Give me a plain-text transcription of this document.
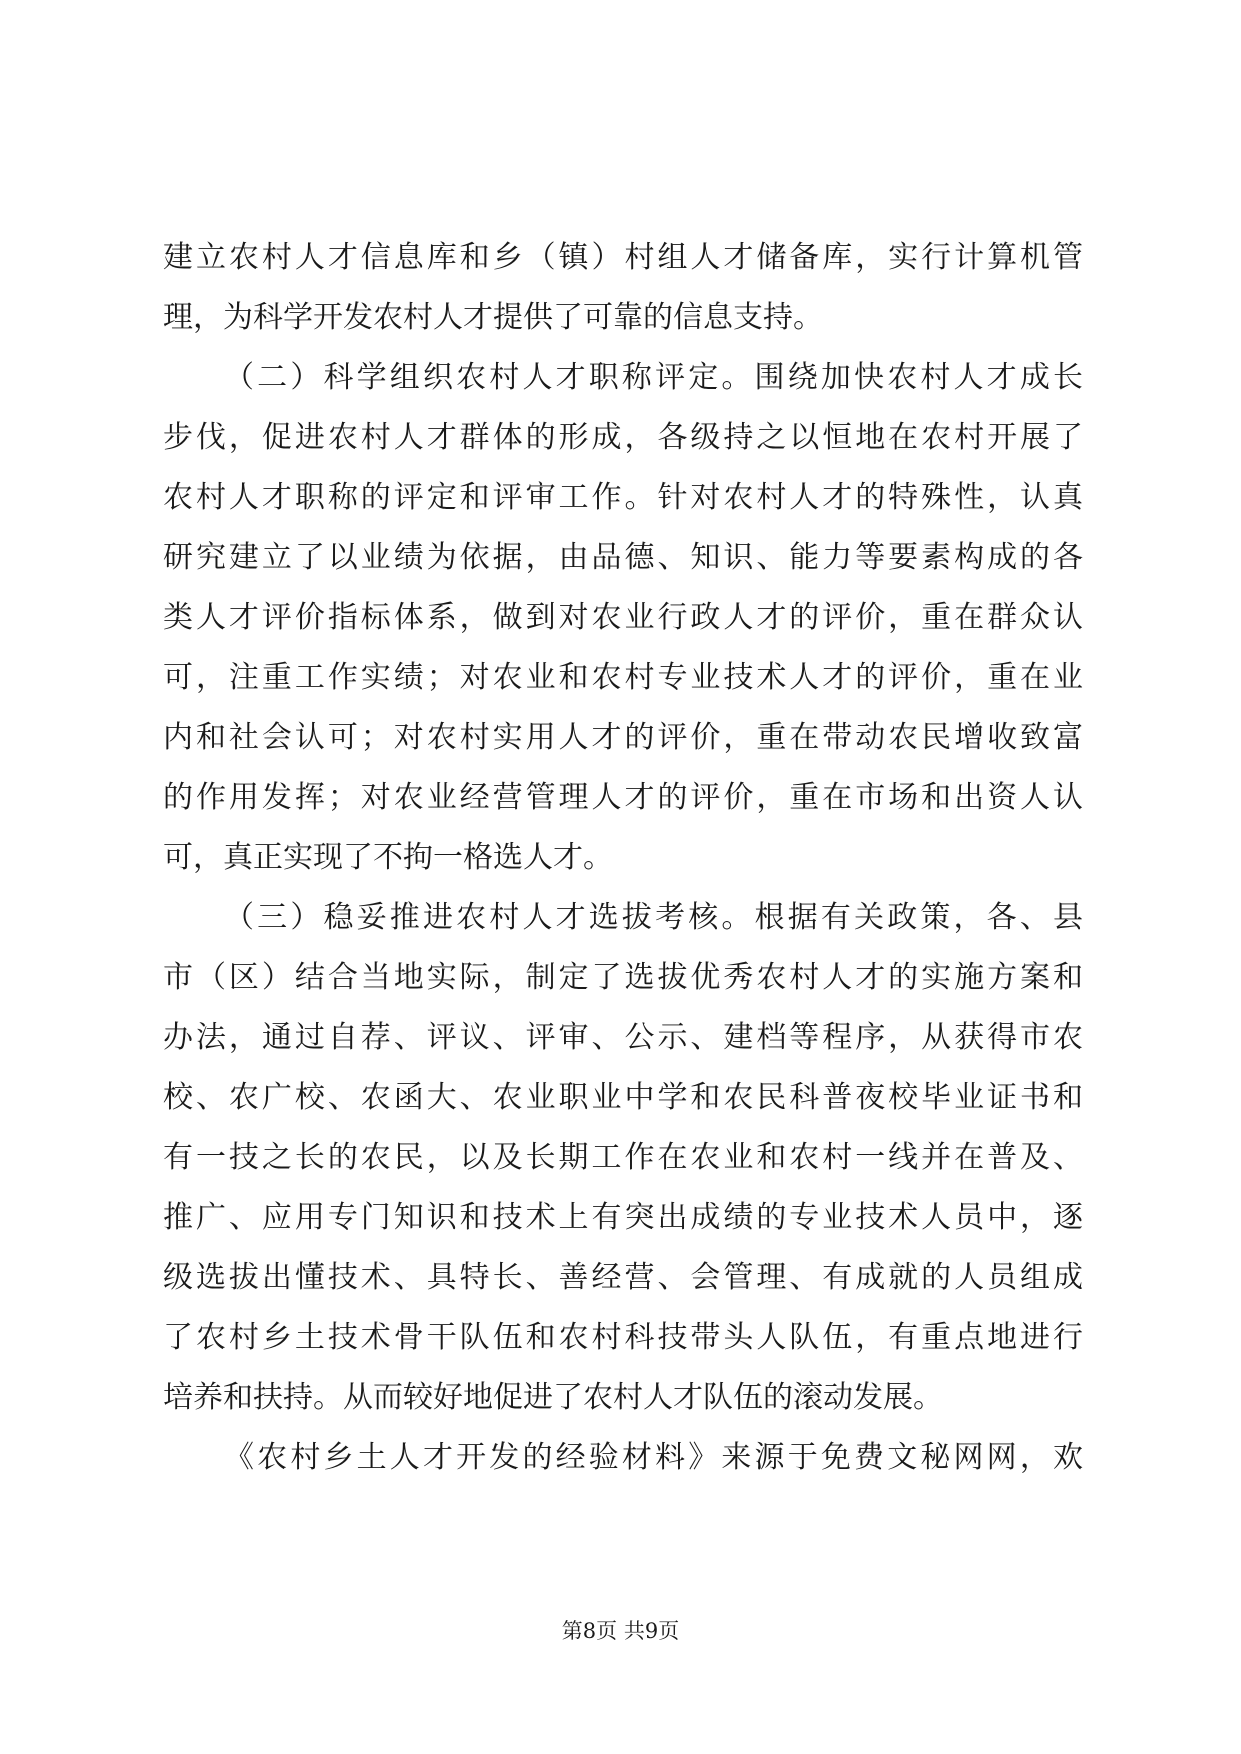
建立农村人才信息库和乡（镇）村组人才储备库，实行计算机管
理，为科学开发农村人才提供了可靠的信息支持。
（二）科学组织农村人才职称评定。围绕加快农村人才成长
步伐，促进农村人才群体的形成，各级持之以恒地在农村开展了
农村人才职称的评定和评审工作。针对农村人才的特殊性，认真
研究建立了以业绩为依据，由品德、知识、能力等要素构成的各
类人才评价指标体系，做到对农业行政人才的评价，重在群众认
可，注重工作实绩；对农业和农村专业技术人才的评价，重在业
内和社会认可；对农村实用人才的评价，重在带动农民增收致富
的作用发挥；对农业经营管理人才的评价，重在市场和出资人认
可，真正实现了不拘一格选人才。
（三）稳妥推进农村人才选拔考核。根据有关政策，各、县
市（区）结合当地实际，制定了选拔优秀农村人才的实施方案和
办法，通过自荐、评议、评审、公示、建档等程序，从获得市农
校、农广校、农函大、农业职业中学和农民科普夜校毕业证书和
有一技之长的农民，以及长期工作在农业和农村一线并在普及、
推广、应用专门知识和技术上有突出成绩的专业技术人员中，逐
级选拔出懂技术、具特长、善经营、会管理、有成就的人员组成
了农村乡土技术骨干队伍和农村科技带头人队伍，有重点地进行
培养和扶持。从而较好地促进了农村人才队伍的滚动发展。
《农村乡土人才开发的经验材料》来源于免费文秘网网，欢
第8页 共9页
